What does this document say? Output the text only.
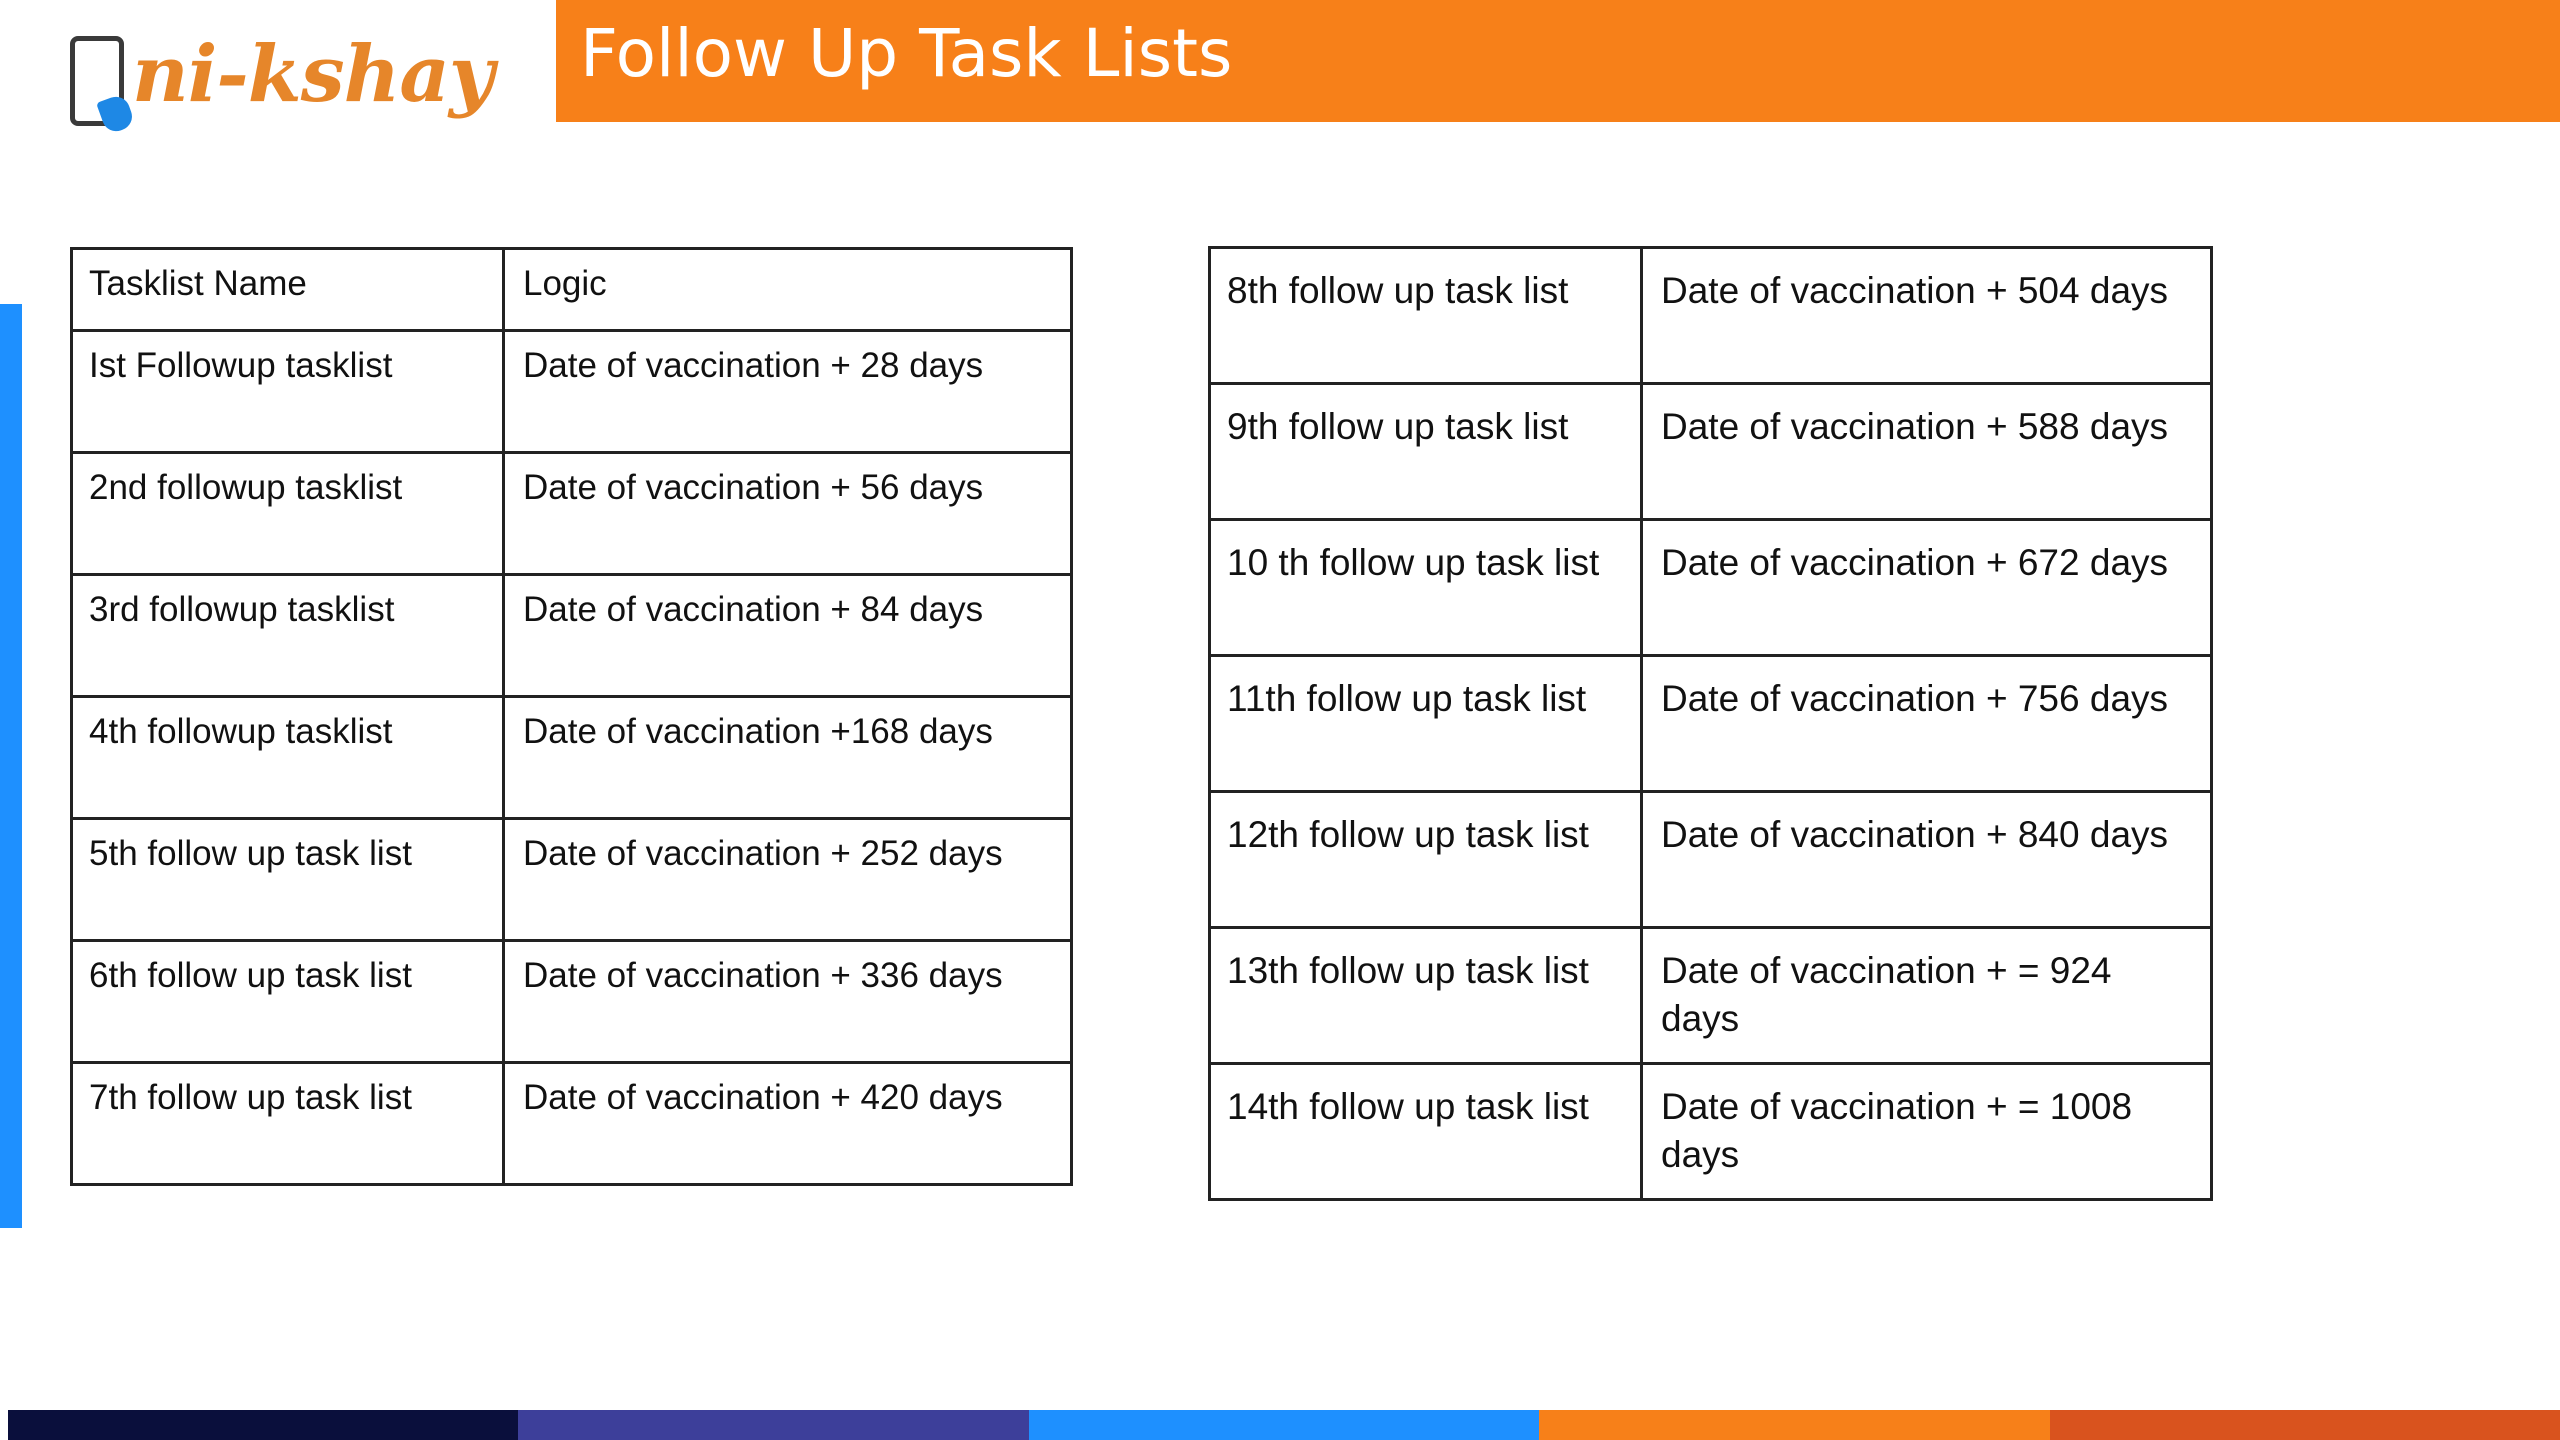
ni-kshay Follow Up Task Lists
Tasklist Name	Logic
Ist Followup tasklist	Date of vaccination + 28 days
2nd followup tasklist	Date of vaccination + 56 days
3rd followup tasklist	Date of vaccination + 84 days
4th followup tasklist	Date of vaccination +168 days
5th follow up task list	Date of vaccination + 252 days
6th follow up task list	Date of vaccination + 336 days
7th follow up task list	Date of vaccination + 420 days
8th follow up task list	Date of vaccination + 504 days
9th follow up task list	Date of vaccination + 588 days
10 th follow up task list	Date of vaccination + 672 days
11th follow up task list	Date of vaccination + 756 days
12th follow up task list	Date of vaccination + 840 days
13th follow up task list	Date of vaccination + = 924 days
14th follow up task list	Date of vaccination + = 1008 days
